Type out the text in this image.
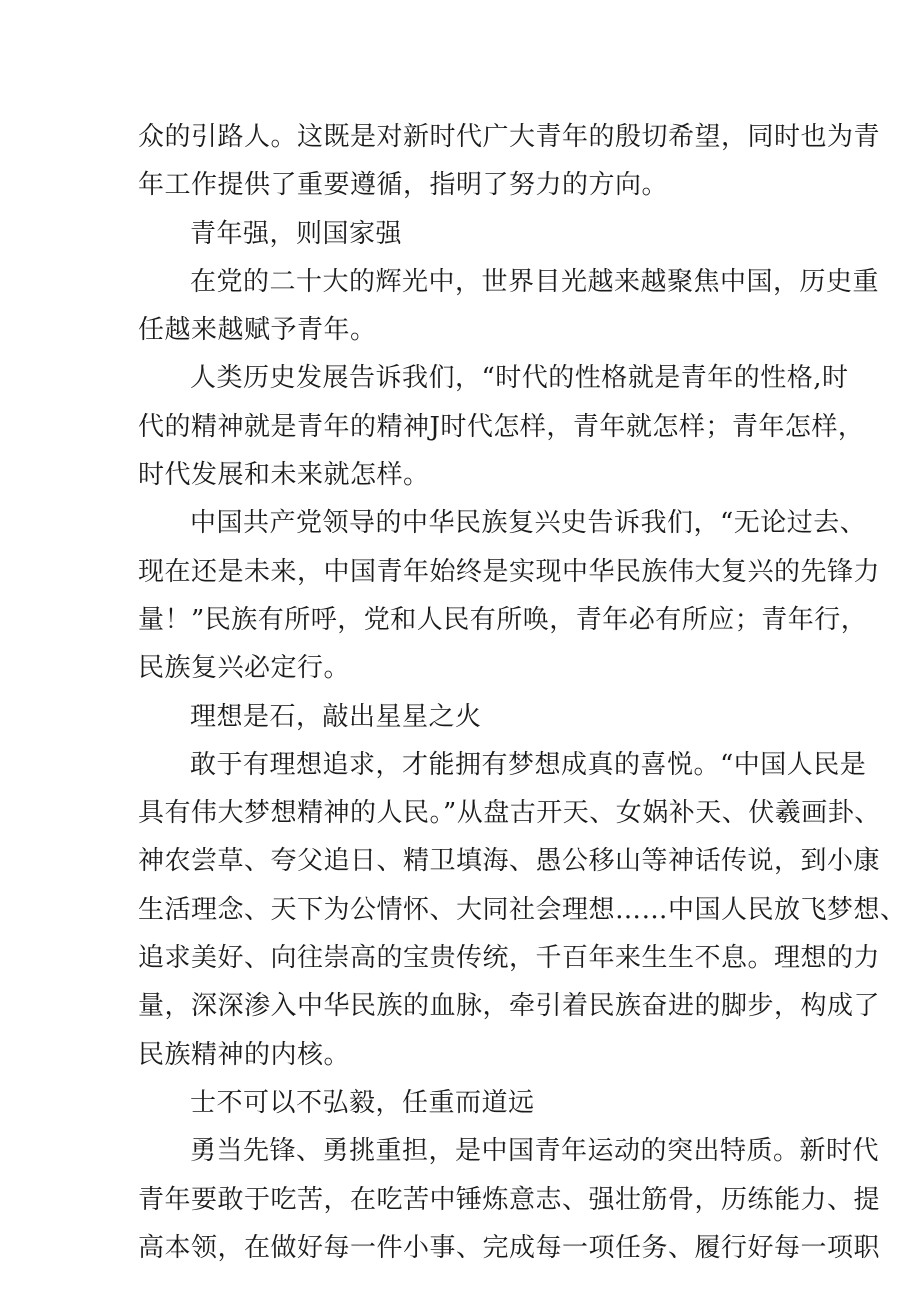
众的引路人。这既是对新时代广大青年的殷切希望，同时也为青
年工作提供了重要遵循，指明了努力的方向。
青年强，则国家强
在党的二十大的辉光中，世界目光越来越聚焦中国，历史重
任越来越赋予青年。
人类历史发展告诉我们，“时代的性格就是青年的性格,时
代的精神就是青年的精神J时代怎样，青年就怎样；青年怎样，
时代发展和未来就怎样。
中国共产党领导的中华民族复兴史告诉我们，“无论过去、
现在还是未来，中国青年始终是实现中华民族伟大复兴的先锋力
量！”民族有所呼，党和人民有所唤，青年必有所应；青年行，
民族复兴必定行。
理想是石，敲出星星之火
敢于有理想追求，才能拥有梦想成真的喜悦。“中国人民是
具有伟大梦想精神的人民。”从盘古开天、女娲补天、伏羲画卦、
神农尝草、夸父追日、精卫填海、愚公移山等神话传说，到小康
生活理念、天下为公情怀、大同社会理想……中国人民放飞梦想、
追求美好、向往崇高的宝贵传统，千百年来生生不息。理想的力
量，深深渗入中华民族的血脉，牵引着民族奋进的脚步，构成了
民族精神的内核。
士不可以不弘毅，任重而道远
勇当先锋、勇挑重担，是中国青年运动的突出特质。新时代
青年要敢于吃苦，在吃苦中锤炼意志、强壮筋骨，历练能力、提
高本领，在做好每一件小事、完成每一项任务、履行好每一项职
